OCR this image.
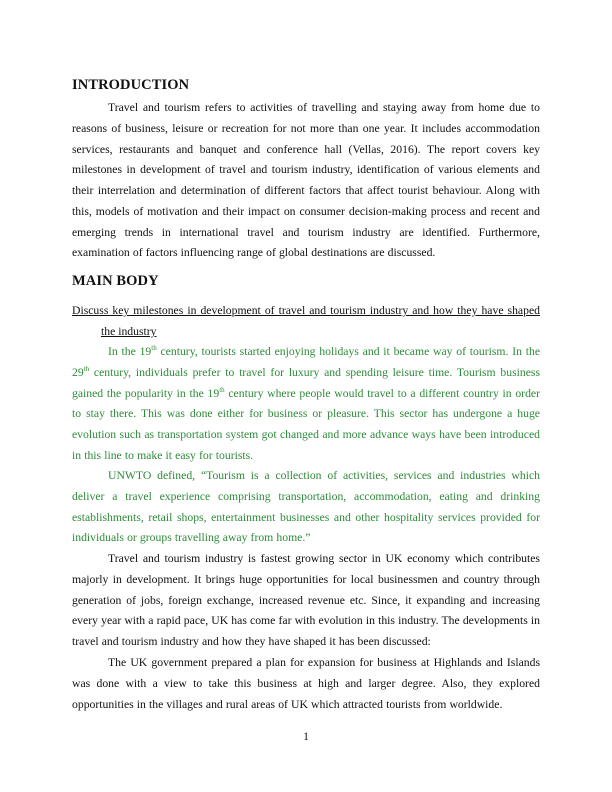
INTRODUCTION

Travel and tourism refers to activities of travelling and staying away from home due to reasons of business, leisure or recreation for not more than one year. It includes accommodation services, restaurants and banquet and conference hall (Vellas, 2016). The report covers key milestones in development of travel and tourism industry, identification of various elements and their interrelation and determination of different factors that affect tourist behaviour. Along with this, models of motivation and their impact on consumer decision-making process and recent and emerging trends in international travel and tourism industry are identified. Furthermore, examination of factors influencing range of global destinations are discussed.

MAIN BODY

Discuss key milestones in development of travel and tourism industry and how they have shaped the industry

In the 19th century, tourists started enjoying holidays and it became way of tourism. In the 29th century, individuals prefer to travel for luxury and spending leisure time. Tourism business gained the popularity in the 19th century where people would travel to a different country in order to stay there. This was done either for business or pleasure. This sector has undergone a huge evolution such as transportation system got changed and more advance ways have been introduced in this line to make it easy for tourists.

UNWTO defined, “Tourism is a collection of activities, services and industries which deliver a travel experience comprising transportation, accommodation, eating and drinking establishments, retail shops, entertainment businesses and other hospitality services provided for individuals or groups travelling away from home.”

Travel and tourism industry is fastest growing sector in UK economy which contributes majorly in development. It brings huge opportunities for local businessmen and country through generation of jobs, foreign exchange, increased revenue etc. Since, it expanding and increasing every year with a rapid pace, UK has come far with evolution in this industry. The developments in travel and tourism industry and how they have shaped it has been discussed:

The UK government prepared a plan for expansion for business at Highlands and Islands was done with a view to take this business at high and larger degree. Also, they explored opportunities in the villages and rural areas of UK which attracted tourists from worldwide.

1
